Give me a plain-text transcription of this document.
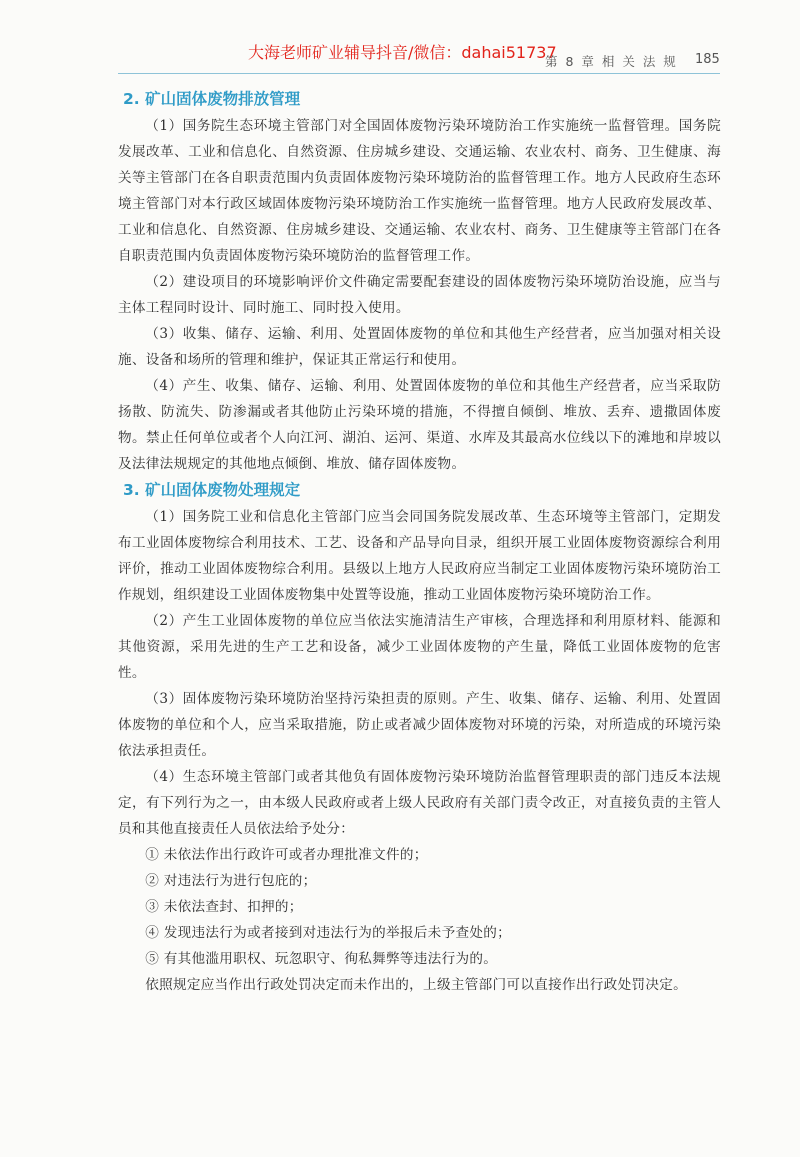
大海老师矿业辅导抖音/微信：dahai51737
第 8 章 相 关 法 规 185
2. 矿山固体废物排放管理

（1）国务院生态环境主管部门对全国固体废物污染环境防治工作实施统一监督管理。国务院发展改革、工业和信息化、自然资源、住房城乡建设、交通运输、农业农村、商务、卫生健康、海关等主管部门在各自职责范围内负责固体废物污染环境防治的监督管理工作。地方人民政府生态环境主管部门对本行政区域固体废物污染环境防治工作实施统一监督管理。地方人民政府发展改革、工业和信息化、自然资源、住房城乡建设、交通运输、农业农村、商务、卫生健康等主管部门在各自职责范围内负责固体废物污染环境防治的监督管理工作。

（2）建设项目的环境影响评价文件确定需要配套建设的固体废物污染环境防治设施，应当与主体工程同时设计、同时施工、同时投入使用。

（3）收集、储存、运输、利用、处置固体废物的单位和其他生产经营者，应当加强对相关设施、设备和场所的管理和维护，保证其正常运行和使用。

（4）产生、收集、储存、运输、利用、处置固体废物的单位和其他生产经营者，应当采取防扬散、防流失、防渗漏或者其他防止污染环境的措施，不得擅自倾倒、堆放、丢弃、遗撒固体废物。禁止任何单位或者个人向江河、湖泊、运河、渠道、水库及其最高水位线以下的滩地和岸坡以及法律法规规定的其他地点倾倒、堆放、储存固体废物。

3. 矿山固体废物处理规定

（1）国务院工业和信息化主管部门应当会同国务院发展改革、生态环境等主管部门，定期发布工业固体废物综合利用技术、工艺、设备和产品导向目录，组织开展工业固体废物资源综合利用评价，推动工业固体废物综合利用。县级以上地方人民政府应当制定工业固体废物污染环境防治工作规划，组织建设工业固体废物集中处置等设施，推动工业固体废物污染环境防治工作。

（2）产生工业固体废物的单位应当依法实施清洁生产审核，合理选择和利用原材料、能源和其他资源，采用先进的生产工艺和设备，减少工业固体废物的产生量，降低工业固体废物的危害性。

（3）固体废物污染环境防治坚持污染担责的原则。产生、收集、储存、运输、利用、处置固体废物的单位和个人，应当采取措施，防止或者减少固体废物对环境的污染，对所造成的环境污染依法承担责任。

（4）生态环境主管部门或者其他负有固体废物污染环境防治监督管理职责的部门违反本法规定，有下列行为之一，由本级人民政府或者上级人民政府有关部门责令改正，对直接负责的主管人员和其他直接责任人员依法给予处分：

① 未依法作出行政许可或者办理批准文件的；

② 对违法行为进行包庇的；

③ 未依法查封、扣押的；

④ 发现违法行为或者接到对违法行为的举报后未予查处的；

⑤ 有其他滥用职权、玩忽职守、徇私舞弊等违法行为的。

依照规定应当作出行政处罚决定而未作出的，上级主管部门可以直接作出行政处罚决定。
